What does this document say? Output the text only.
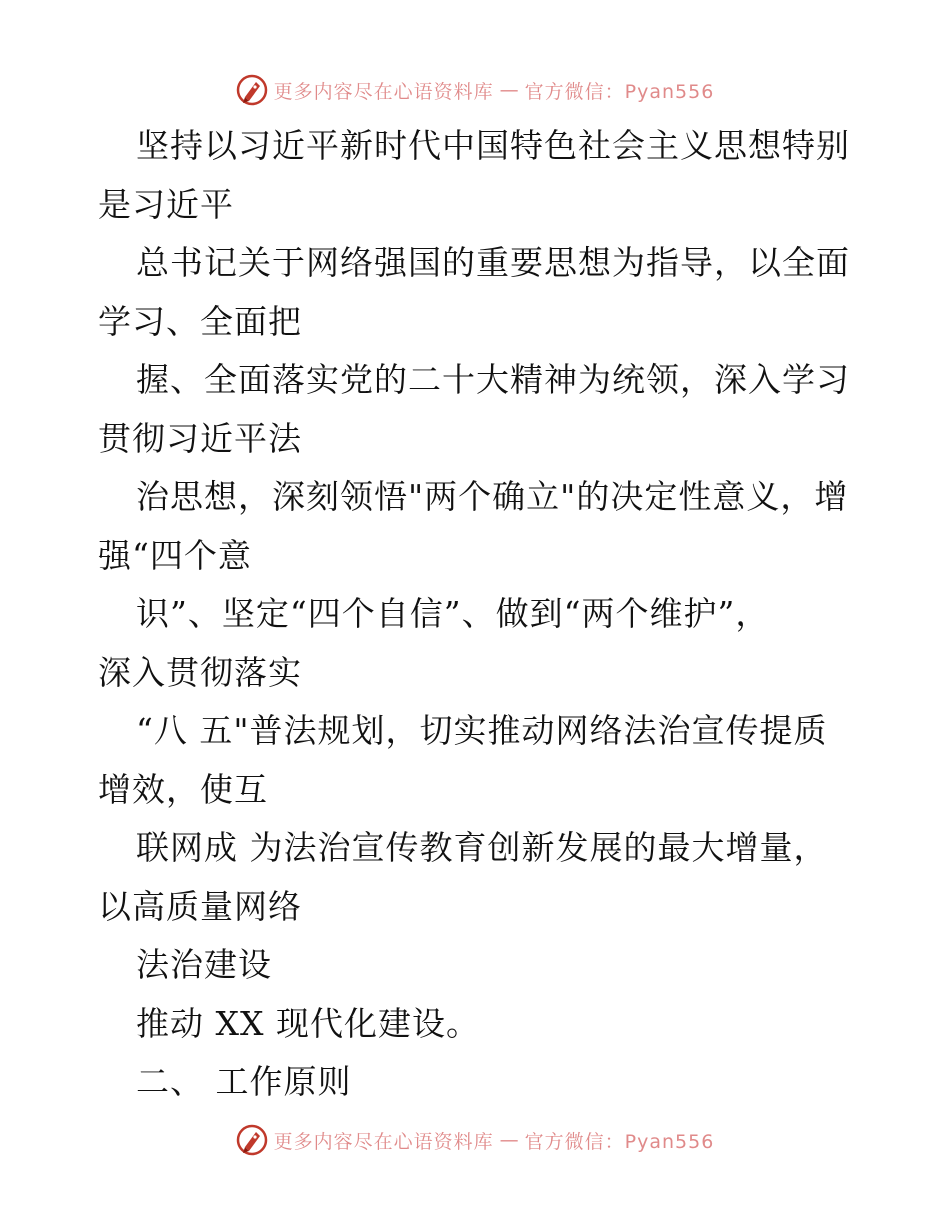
更多内容尽在心语资料库 — 官方微信：Pyan556
坚持以习近平新时代中国特色社会主义思想特别
是习近平
总书记关于网络强国的重要思想为指导，以全面
学习、全面把
握、全面落实党的二十大精神为统领，深入学习
贯彻习近平法
治思想，深刻领悟"两个确立"的决定性意义，增
强“四个意
识”、坚定“四个自信”、做到“两个维护”，
深入贯彻落实
“八 五"普法规划，切实推动网络法治宣传提质
增效，使互
联网成 为法治宣传教育创新发展的最大增量，
以高质量网络
法治建设
推动 XX 现代化建设。
二、 工作原则
更多内容尽在心语资料库 — 官方微信：Pyan556
